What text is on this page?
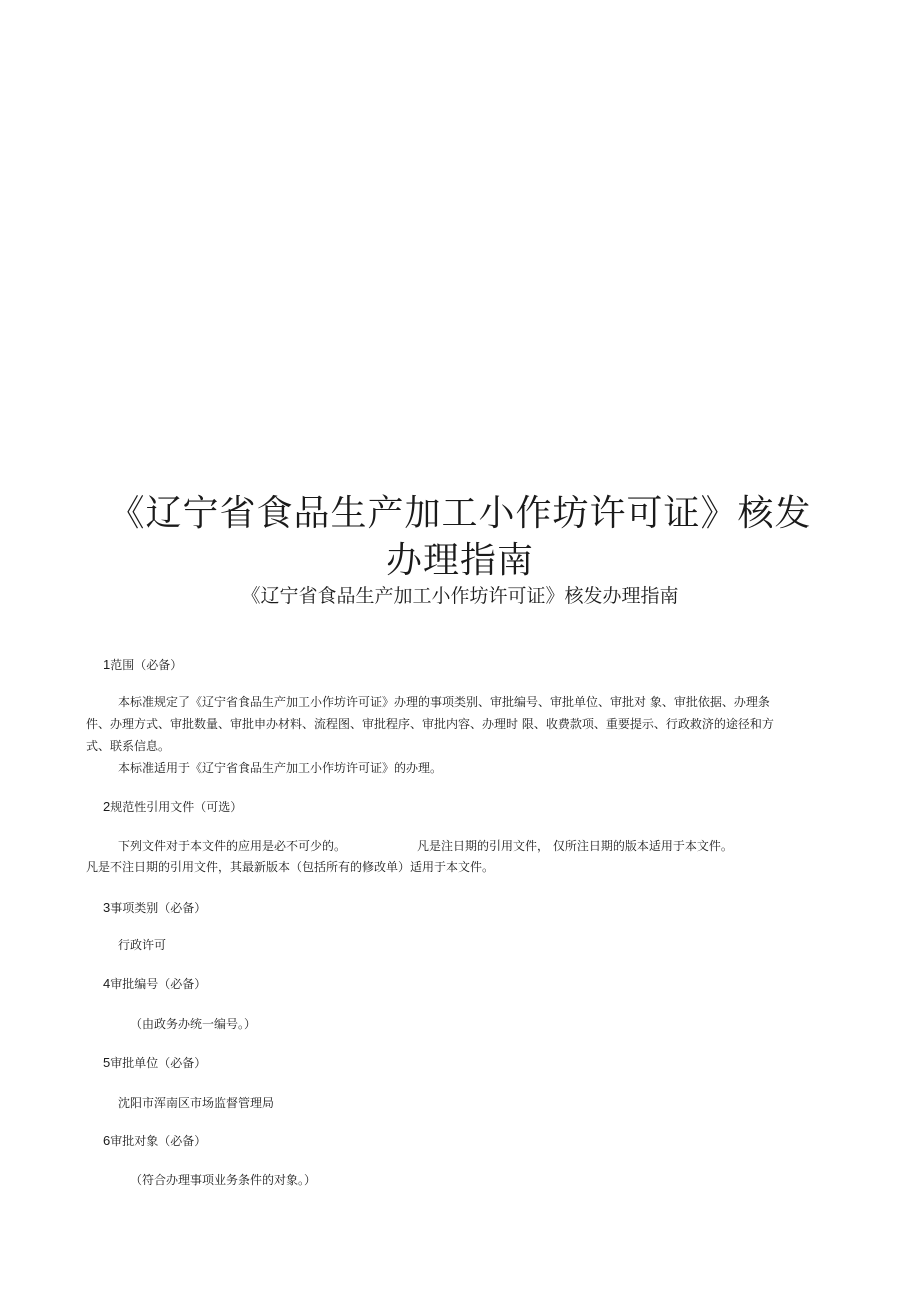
《辽宁省食品生产加工小作坊许可证》核发
办理指南

《辽宁省食品生产加工小作坊许可证》核发办理指南

1范围（必备）

本标准规定了《辽宁省食品生产加工小作坊许可证》办理的事项类别、审批编号、审批单位、审批对 象、审批依据、办理条

件、办理方式、审批数量、审批申办材料、流程图、审批程序、审批内容、办理时 限、收费款项、重要提示、行政救济的途径和方

式、联系信息。

本标准适用于《辽宁省食品生产加工小作坊许可证》的办理。

2规范性引用文件（可选）

下列文件对于本文件的应用是必不可少的。	凡是注日期的引用文件， 仅所注日期的版本适用于本文件。

凡是不注日期的引用文件，其最新版本（包括所有的修改单）适用于本文件。

3事项类别（必备）

行政许可

4审批编号（必备）

（由政务办统一编号。）

5审批单位（必备）

沈阳市浑南区市场监督管理局

6审批对象（必备）

（符合办理事项业务条件的对象。）
